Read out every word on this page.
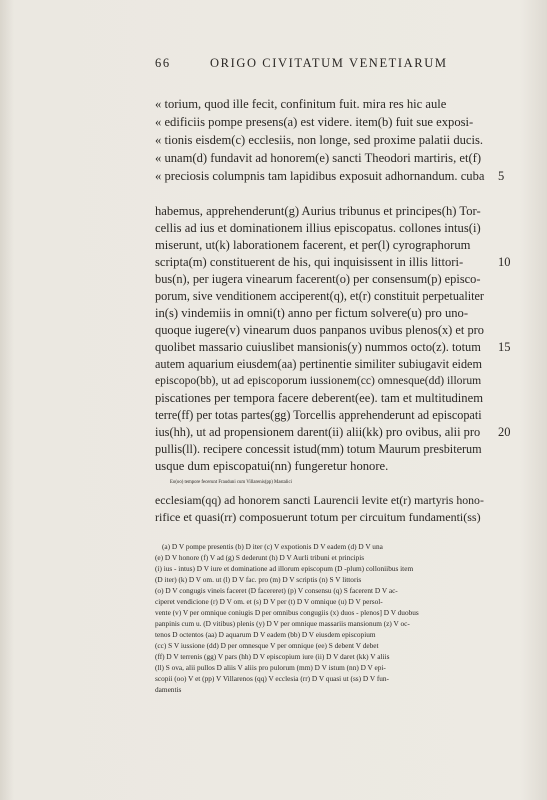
66	ORIGO CIVITATUM VENETIARUM
« torium, quod ille fecit, confinitum fuit. mira res hic aule
« edificiis pompe presens(a) est videre. item(b) fuit sue exposi-
« tionis eisdem(c) ecclesiis, non longe, sed proxime palatii ducis.
« unam(d) fundavit ad honorem(e) sancti Theodori martiris, et(f)
« preciosis columpnis tam lapidibus exposuit adhornandum. cuba
habemus, apprehenderunt(g) Aurius tribunus et principes(h) Tor-
cellis ad ius et dominationem illius episcopatus. collones intus(i)
miserunt, ut(k) laborationem facerent, et per(l) cyrographorum
scripta(m) constituerent de his, qui inquisissent in illis littori-
bus(n), per iugera vinearum facerent(o) per consensum(p) episco-
porum, sive venditionem acciperent(q), et(r) constituit perpetualiter
in(s) vindemiis in omni(t) anno per fictum solvere(u) pro uno-
quoque iugere(v) vinearum duos panpanos uvibus plenos(x) et pro
quolibet massario cuiuslibet mansionis(y) nummos octo(z). totum
autem aquarium eiusdem(aa) pertinentie similiter subiugavit eidem
episcopo(bb), ut ad episcoporum iussionem(cc) omnesque(dd) illorum
piscationes per tempora facere deberent(ee). tam et multitudinem
terre(ff) per totas partes(gg) Torcellis apprehenderunt ad episcopati
ius(hh), ut ad propensionem darent(ii) alii(kk) pro ovibus, alii pro
pullis(ll). recipere concessit istud(mm) totum Maurum presbiterum
usque dum episcopatui(nn) fungeretur honore.
Eo(oo) tempore fecerunt Frauduni cum Villarenis(pp) Mastalici
ecclesiam(qq) ad honorem sancti Laurencii levite et(r) martyris hono-
rifice et quasi(rr) composuerunt totum per circuitum fundamenti(ss)
5
10
15
20
(a) D V pompe presentis (b) D iter (c) V expotionis D V eadem (d) D V una
(e) D V honore (f) V ad (g) S dederunt (h) D V Aurli tribuni et principis
(i) ius - intus) D V iure et dominatione ad illorum episcopum (D -plum) colloniibus item
(D iter) (k) D V om. ut (l) D V fac. pro (m) D V scriptis (n) S V littoris
(o) D V congugis vineis faceret (D facereret) (p) V consensu (q) S facerent D V ac-
ciperet vendicione (r) D V om. et (s) D V per (t) D V omnique (u) D V persol-
vente (v) V per omnique coniugis D per omnibus congugiis (x) duos - plenos] D V duobus
panpinis cum u. (D vitibus) plenis (y) D V per omnique massariis mansionum (z) V oc-
tenos D octentos (aa) D aquarum D V eadem (bb) D V eiusdem episcopium
(cc) S V iussione (dd) D per omnesque V per omnique (ee) S debent V debet
(ff) D V terrenis (gg) V pars (hh) D V episcopium iure (ii) D V daret (kk) V aliis
(ll) S ova, alii pullos D aliis V aliis pro pulorum (mm) D V istum (nn) D V epi-
scopii (oo) V et (pp) V Villarenos (qq) V ecclesia (rr) D V quasi ut (ss) D V fun-
damentis
